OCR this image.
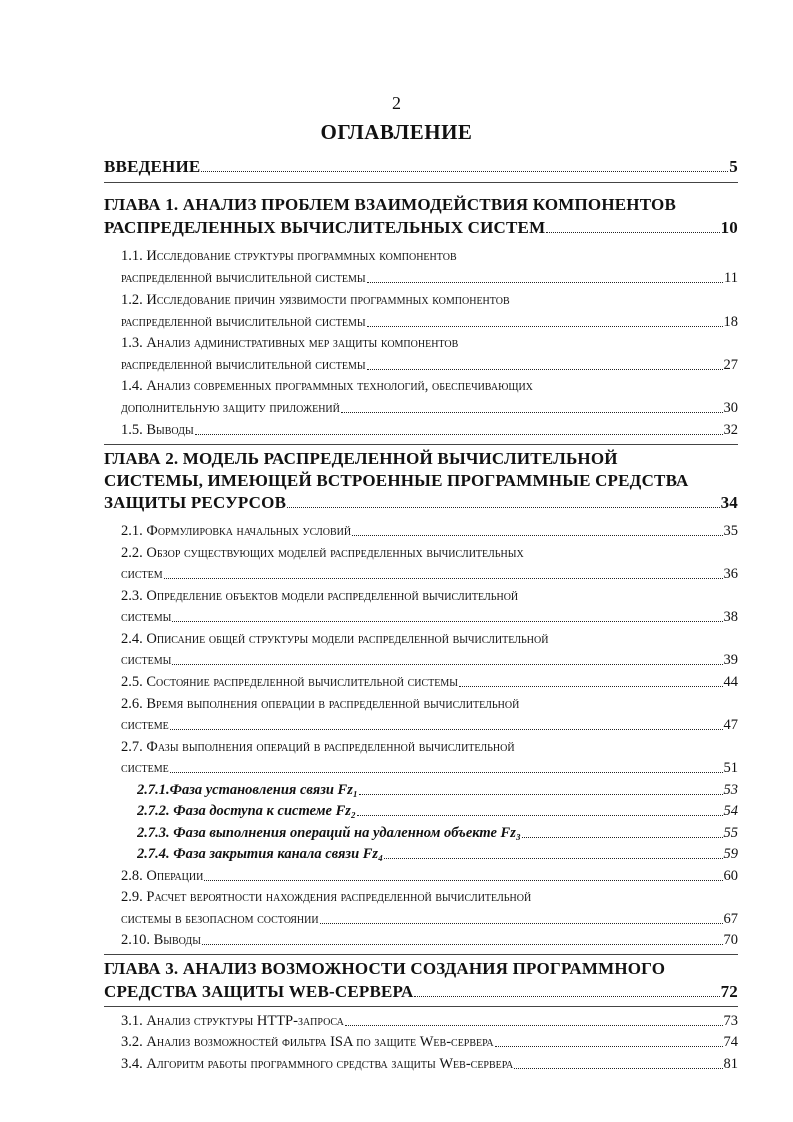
2
ОГЛАВЛЕНИЕ
ВВЕДЕНИЕ	5
ГЛАВА 1. АНАЛИЗ ПРОБЛЕМ ВЗАИМОДЕЙСТВИЯ КОМПОНЕНТОВ
РАСПРЕДЕЛЕННЫХ ВЫЧИСЛИТЕЛЬНЫХ СИСТЕМ	10
1.1. Исследование структуры программных компонентов
распределенной вычислительной системы	11
1.2. Исследование причин уязвимости программных компонентов
распределенной вычислительной системы	18
1.3. Анализ административных мер защиты компонентов
распределенной вычислительной системы	27
1.4. Анализ современных программных технологий, обеспечивающих
дополнительную защиту приложений	30
1.5. Выводы	32
ГЛАВА 2. МОДЕЛЬ РАСПРЕДЕЛЕННОЙ ВЫЧИСЛИТЕЛЬНОЙ
СИСТЕМЫ, ИМЕЮЩЕЙ ВСТРОЕННЫЕ ПРОГРАММНЫЕ СРЕДСТВА
ЗАЩИТЫ РЕСУРСОВ	34
2.1. Формулировка начальных условий	35
2.2. Обзор существующих моделей распределенных вычислительных
систем	36
2.3. Определение объектов модели распределенной вычислительной
системы	38
2.4. Описание общей структуры модели распределенной вычислительной
системы	39
2.5. Состояние распределенной вычислительной системы	44
2.6. Время выполнения операции в распределенной вычислительной
системе	47
2.7. Фазы выполнения операций в распределенной вычислительной
системе	51
2.7.1.Фаза установления связи Fz₁	53
2.7.2. Фаза доступа к системе Fz₂	54
2.7.3. Фаза выполнения операций на удаленном объекте Fz₃	55
2.7.4. Фаза закрытия канала связи Fz₄	59
2.8. Операции	60
2.9. Расчет вероятности нахождения распределенной вычислительной
системы в безопасном состоянии	67
2.10. Выводы	70
ГЛАВА 3. АНАЛИЗ ВОЗМОЖНОСТИ СОЗДАНИЯ ПРОГРАММНОГО
СРЕДСТВА ЗАЩИТЫ WEB-СЕРВЕРА	72
3.1. Анализ структуры HTTP-запроса	73
3.2. Анализ возможностей фильтра ISA по защите Web-сервера	74
3.4. Алгоритм работы программного средства защиты Web-сервера	81
